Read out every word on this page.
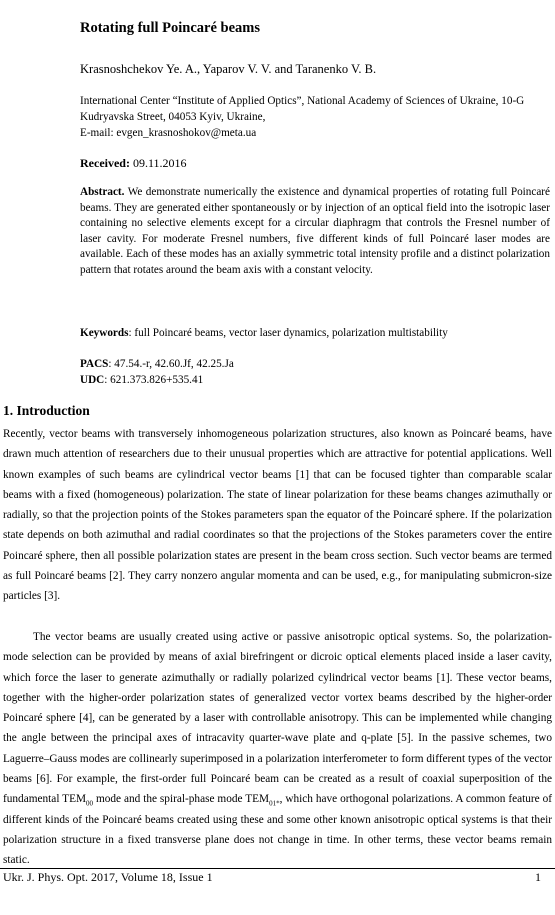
Rotating full Poincaré beams
Krasnoshchekov Ye. A., Yaparov V. V. and Taranenko V. B.
International Center “Institute of Applied Optics”, National Academy of Sciences of Ukraine, 10-G Kudryavska Street, 04053 Kyiv, Ukraine,
E-mail: evgen_krasnoshokov@meta.ua
Received: 09.11.2016
Abstract. We demonstrate numerically the existence and dynamical properties of rotating full Poincaré beams. They are generated either spontaneously or by injection of an optical field into the isotropic laser containing no selective elements except for a circular diaphragm that controls the Fresnel number of laser cavity. For moderate Fresnel numbers, five different kinds of full Poincaré laser modes are available. Each of these modes has an axially symmetric total intensity profile and a distinct polarization pattern that rotates around the beam axis with a constant velocity.
Keywords: full Poincaré beams, vector laser dynamics, polarization multistability
PACS: 47.54.-r, 42.60.Jf, 42.25.Ja
UDC: 621.373.826+535.41
1. Introduction
Recently, vector beams with transversely inhomogeneous polarization structures, also known as Poincaré beams, have drawn much attention of researchers due to their unusual properties which are attractive for potential applications. Well known examples of such beams are cylindrical vector beams [1] that can be focused tighter than comparable scalar beams with a fixed (homogeneous) polarization. The state of linear polarization for these beams changes azimuthally or radially, so that the projection points of the Stokes parameters span the equator of the Poincaré sphere. If the polarization state depends on both azimuthal and radial coordinates so that the projections of the Stokes parameters cover the entire Poincaré sphere, then all possible polarization states are present in the beam cross section. Such vector beams are termed as full Poincaré beams [2]. They carry nonzero angular momenta and can be used, e.g., for manipulating submicron-size particles [3].
The vector beams are usually created using active or passive anisotropic optical systems. So, the polarization-mode selection can be provided by means of axial birefringent or dicroic optical elements placed inside a laser cavity, which force the laser to generate azimuthally or radially polarized cylindrical vector beams [1]. These vector beams, together with the higher-order polarization states of generalized vector vortex beams described by the higher-order Poincaré sphere [4], can be generated by a laser with controllable anisotropy. This can be implemented while changing the angle between the principal axes of intracavity quarter-wave plate and q-plate [5]. In the passive schemes, two Laguerre–Gauss modes are collinearly superimposed in a polarization interferometer to form different types of the vector beams [6]. For example, the first-order full Poincaré beam can be created as a result of coaxial superposition of the fundamental $TEM_{00}$ mode and the spiral-phase mode $TEM_{01*}$, which have orthogonal polarizations. A common feature of different kinds of the Poincaré beams created using these and some other known anisotropic optical systems is that their polarization structure in a fixed transverse plane does not change in time. In other terms, these vector beams remain static.
Ukr. J. Phys. Opt. 2017, Volume 18, Issue 1	1
